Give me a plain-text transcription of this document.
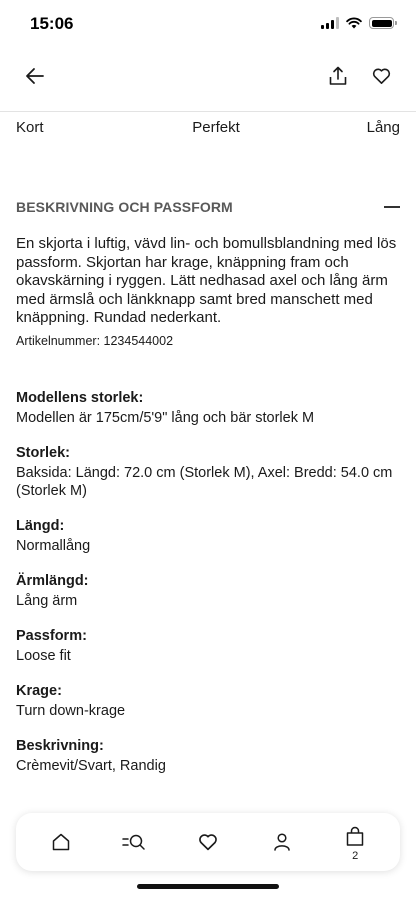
15:06
Kort	Perfekt	Lång
BESKRIVNING OCH PASSFORM

En skjorta i luftig, vävd lin- och bomullsblandning med lös passform. Skjortan har krage, knäppning fram och okavskärning i ryggen. Lätt nedhasad axel och lång ärm med ärmslå och länkknapp samt bred manschett med knäppning. Rundad nederkant.

Artikelnummer: 1234544002

Modellens storlek:
Modellen är 175cm/5'9" lång och bär storlek M
Storlek:
Baksida: Längd: 72.0 cm (Storlek M), Axel: Bredd: 54.0 cm (Storlek M)
Längd:
Normallång
Ärmlängd:
Lång ärm
Passform:
Loose fit
Krage:
Turn down-krage
Beskrivning:
Crèmevit/Svart, Randig
2
